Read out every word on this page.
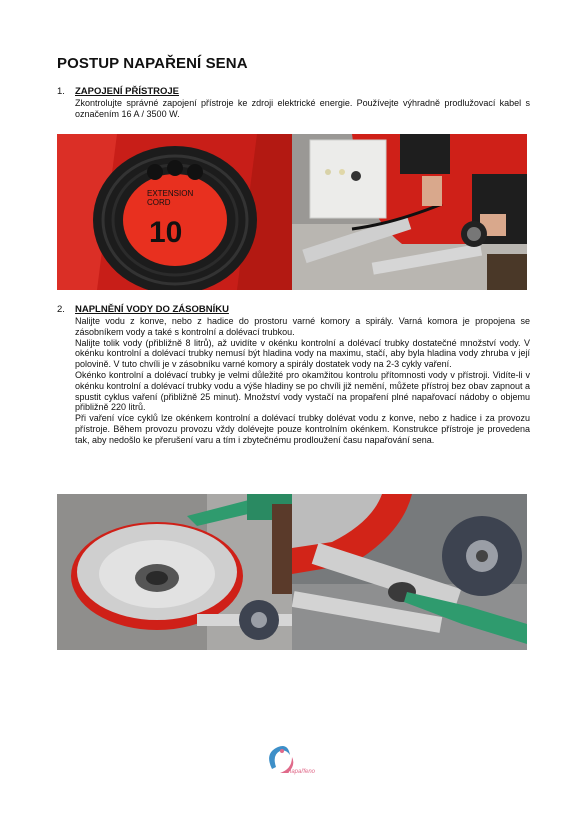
POSTUP NAPAŘENÍ SENA
1. ZAPOJENÍ PŘÍSTROJE

Zkontrolujte správné zapojení přístroje ke zdroji elektrické energie. Používejte výhradně prodlužovací kabel s označením 16 A / 3500 W.

EXTENSION
CORD
10
2. NAPLNĚNÍ VODY DO ZÁSOBNÍKU

Nalijte vodu z konve, nebo z hadice do prostoru varné komory a spirály. Varná komora je propojena se zásobníkem vody a také s kontrolní a dolévací trubkou.

Nalijte tolik vody (přibližně 8 litrů), až uvidíte v okénku kontrolní a dolévací trubky dostatečné množství vody. V okénku kontrolní a dolévací trubky nemusí být hladina vody na maximu, stačí, aby byla hladina vody zhruba v její polovině. V tuto chvíli je v zásobníku varné komory a spirály dostatek vody na 2-3 cykly vaření.

Okénko kontrolní a dolévací trubky je velmi důležité pro okamžitou kontrolu přítomnosti vody v přístroji. Vidíte-li v okénku kontrolní a dolévací trubky vodu a výše hladiny se po chvíli již nemění, můžete přístroj bez obav zapnout a spustit cyklus vaření (přibližně 25 minut). Množství vody vystačí na propaření plné napařovací nádoby o objemu přibližně 220 litrů.

Při vaření více cyklů lze okénkem kontrolní a dolévací trubky dolévat vodu z konve, nebo z hadice i za provozu přístroje. Během provozu provozu vždy dolévejte pouze kontrolním okénkem. Konstrukce přístroje je provedena tak, aby nedošlo ke přerušení varu a tím i zbytečnému prodloužení času napařování sena.

napařfeno
